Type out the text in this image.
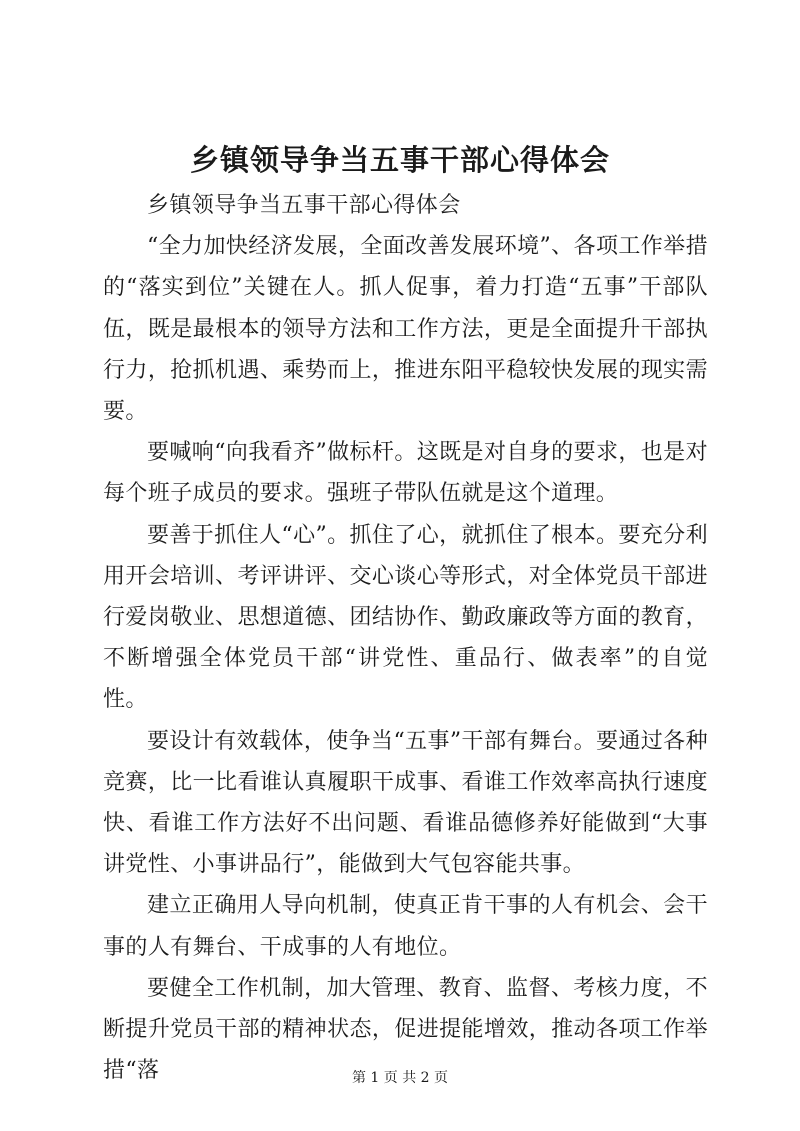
乡镇领导争当五事干部心得体会

乡镇领导争当五事干部心得体会

“全力加快经济发展，全面改善发展环境”、各项工作举措的“落实到位”关键在人。抓人促事，着力打造“五事”干部队伍，既是最根本的领导方法和工作方法，更是全面提升干部执行力，抢抓机遇、乘势而上，推进东阳平稳较快发展的现实需要。

要喊响“向我看齐”做标杆。这既是对自身的要求，也是对每个班子成员的要求。强班子带队伍就是这个道理。

要善于抓住人“心”。抓住了心，就抓住了根本。要充分利用开会培训、考评讲评、交心谈心等形式，对全体党员干部进行爱岗敬业、思想道德、团结协作、勤政廉政等方面的教育，不断增强全体党员干部“讲党性、重品行、做表率”的自觉性。

要设计有效载体，使争当“五事”干部有舞台。要通过各种竞赛，比一比看谁认真履职干成事、看谁工作效率高执行速度快、看谁工作方法好不出问题、看谁品德修养好能做到“大事讲党性、小事讲品行”，能做到大气包容能共事。

建立正确用人导向机制，使真正肯干事的人有机会、会干事的人有舞台、干成事的人有地位。

要健全工作机制，加大管理、教育、监督、考核力度，不断提升党员干部的精神状态，促进提能增效，推动各项工作举措“落	第 1 页 共 2 页
